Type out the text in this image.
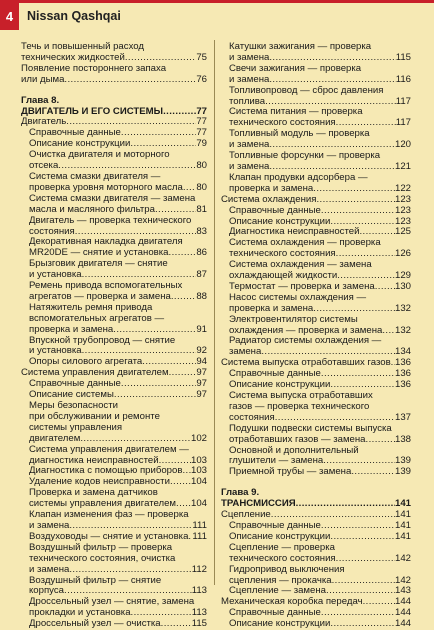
4	Nissan Qashqai
Течь и повышенный расход
технических жидкостей .....	75
Появление постороннего запаха
или дыма .....	76
Глава 8.
ДВИГАТЕЛЬ И ЕГО СИСТЕМЫ .....	77
Двигатель .....	77
Справочные данные .....	77
Описание конструкции .....	79
Очистка двигателя и моторного
отсека .....	80
Система смазки двигателя —
проверка уровня моторного масла ..... 80
Система смазки двигателя — замена
масла и масляного фильтра .....	81
Двигатель — проверка технического
состояния .....	83
Декоративная накладка двигателя
MR20DE — снятие и установка .....	86
Брызговик двигателя — снятие
и установка .....	87
Ремень привода вспомогательных
агрегатов — проверка и замена .....	88
Натяжитель ремня привода
вспомогательных агрегатов —
проверка и замена .....	91
Впускной трубопровод — снятие
и установка .....	92
Опоры силового агрегата .....	94
Система управления двигателем .....	97
Справочные данные .....	97
Описание системы .....	97
Меры безопасности
при обслуживании и ремонте
системы управления
двигателем .....	102
Система управления двигателем —
диагностика неисправностей .....	103
Диагностика с помощью приборов ..... 103
Удаление кодов неисправности ..... 104
Проверка и замена датчиков
системы управления двигателем ..... 104
Клапан изменения фаз — проверка
и замена .....	111
Воздуховоды — снятие и установка ..... 111
Воздушный фильтр — проверка
технического состояния, очистка
и замена .....	112
Воздушный фильтр — снятие
корпуса .....	113
Дроссельный узел — снятие, замена
прокладки и установка .....	113
Дроссельный узел — очистка .....	115
Катушки зажигания — проверка
и замена .....	115
Свечи зажигания — проверка
и замена .....	116
Топливопровод — сброс давления
топлива .....	117
Система питания — проверка
технического состояния .....	117
Топливный модуль — проверка
и замена .....	120
Топливные форсунки — проверка
и замена .....	121
Клапан продувки адсорбера —
проверка и замена .....	122
Система охлаждения .....	123
Справочные данные .....	123
Описание конструкции .....	123
Диагностика неисправностей .....	125
Система охлаждения — проверка
технического состояния .....	126
Система охлаждения — замена
охлаждающей жидкости .....	129
Термостат — проверка и замена ..... 130
Насос системы охлаждения —
проверка и замена .....	132
Электровентилятор системы
охлаждения — проверка и замена ..... 132
Радиатор системы охлаждения —
замена .....	134
Система выпуска отработавших газов ..... 136
Справочные данные .....	136
Описание конструкции .....	136
Система выпуска отработавших
газов — проверка технического
состояния .....	137
Подушки подвески системы выпуска
отработавших газов — замена .....	138
Основной и дополнительный
глушители — замена .....	139
Приемной трубы — замена .....	139
Глава 9.
ТРАНСМИССИЯ .....	141
Сцепление .....	141
Справочные данные .....	141
Описание конструкции .....	141
Сцепление — проверка
технического состояния .....	142
Гидропривод выключения
сцепления — прокачка .....	142
Сцепление — замена .....	143
Механическая коробка передач .....	144
Справочные данные .....	144
Описание конструкции .....	144
